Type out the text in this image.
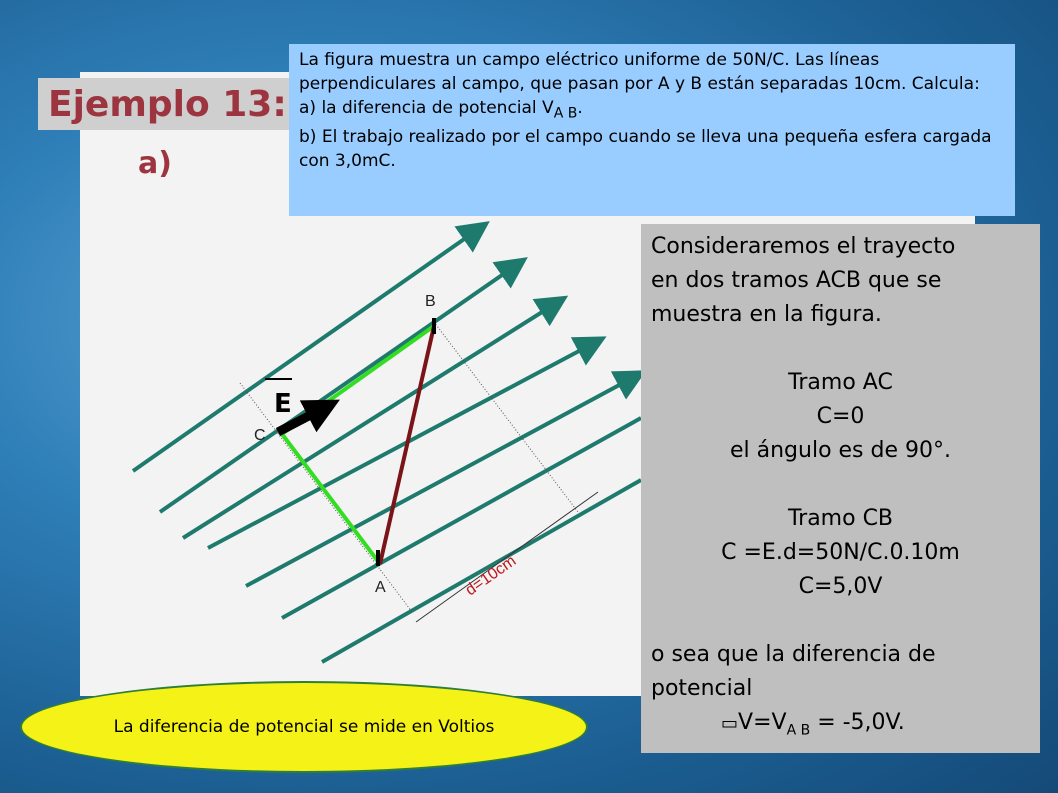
Ejemplo 13:
a)

La figura muestra un campo eléctrico uniforme de 50N/C. Las líneas perpendiculares al campo, que pasan por A y B están separadas 10cm. Calcula:

a) la diferencia de potencial $V_{A B}$.

b) El trabajo realizado por el campo cuando se lleva una pequeña esfera cargada con 3,0mC.

B
C
A
E
d=10cm

Consideraremos el trayecto

en dos tramos ACB que se

muestra en la figura.

Tramo AC

C=0

el ángulo es de 90°.

Tramo CB

C =E.d=50N/C.0.10m

C=5,0V

o sea que la diferencia de

potencial

$▭V=V_{A B} = -5,0V$.

La diferencia de potencial se mide en Voltios
